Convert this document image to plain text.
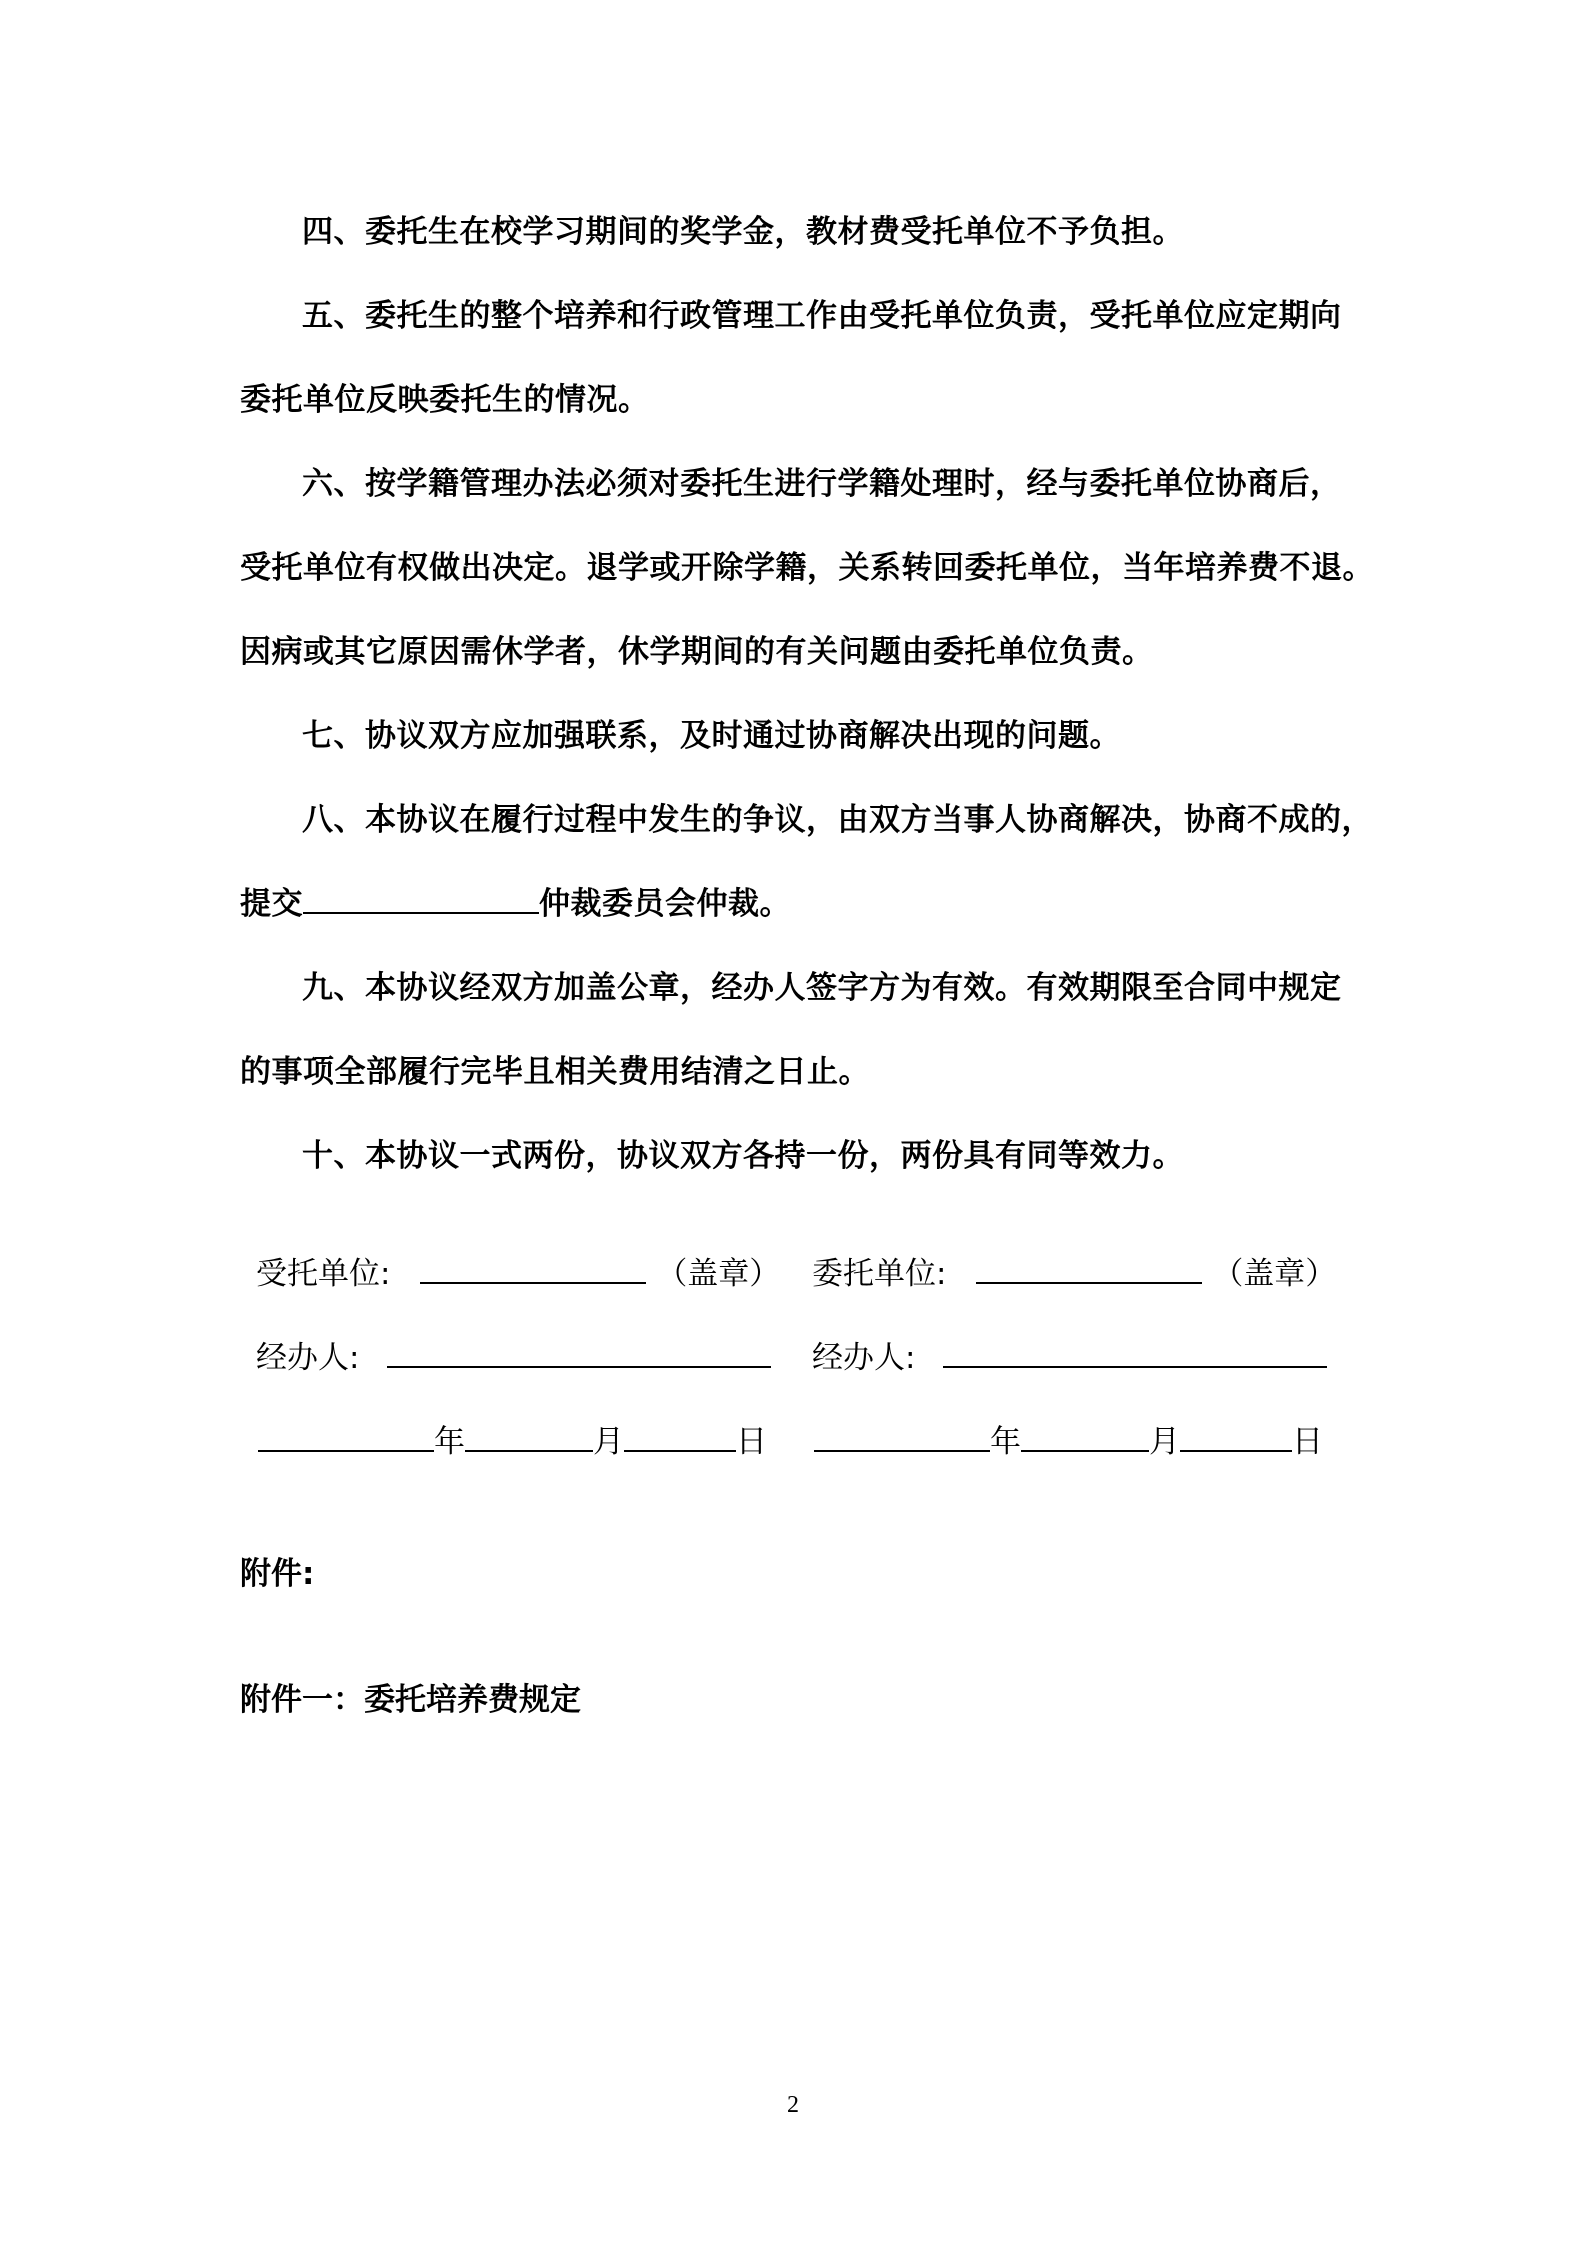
四、委托生在校学习期间的奖学金，教材费受托单位不予负担。
五、委托生的整个培养和行政管理工作由受托单位负责，受托单位应定期向
委托单位反映委托生的情况。
六、按学籍管理办法必须对委托生进行学籍处理时，经与委托单位协商后，
受托单位有权做出决定。退学或开除学籍，关系转回委托单位，当年培养费不退。
因病或其它原因需休学者，休学期间的有关问题由委托单位负责。
七、协议双方应加强联系，及时通过协商解决出现的问题。
八、本协议在履行过程中发生的争议，由双方当事人协商解决，协商不成的，
提交	仲裁委员会仲裁。
九、本协议经双方加盖公章，经办人签字方为有效。有效期限至合同中规定
的事项全部履行完毕且相关费用结清之日止。
十、本协议一式两份，协议双方各持一份，两份具有同等效力。
受托单位:	（盖章）
经办人:
年	月	日
委托单位:	（盖章）
经办人:
年	月	日
附件:
附件一：委托培养费规定
2
